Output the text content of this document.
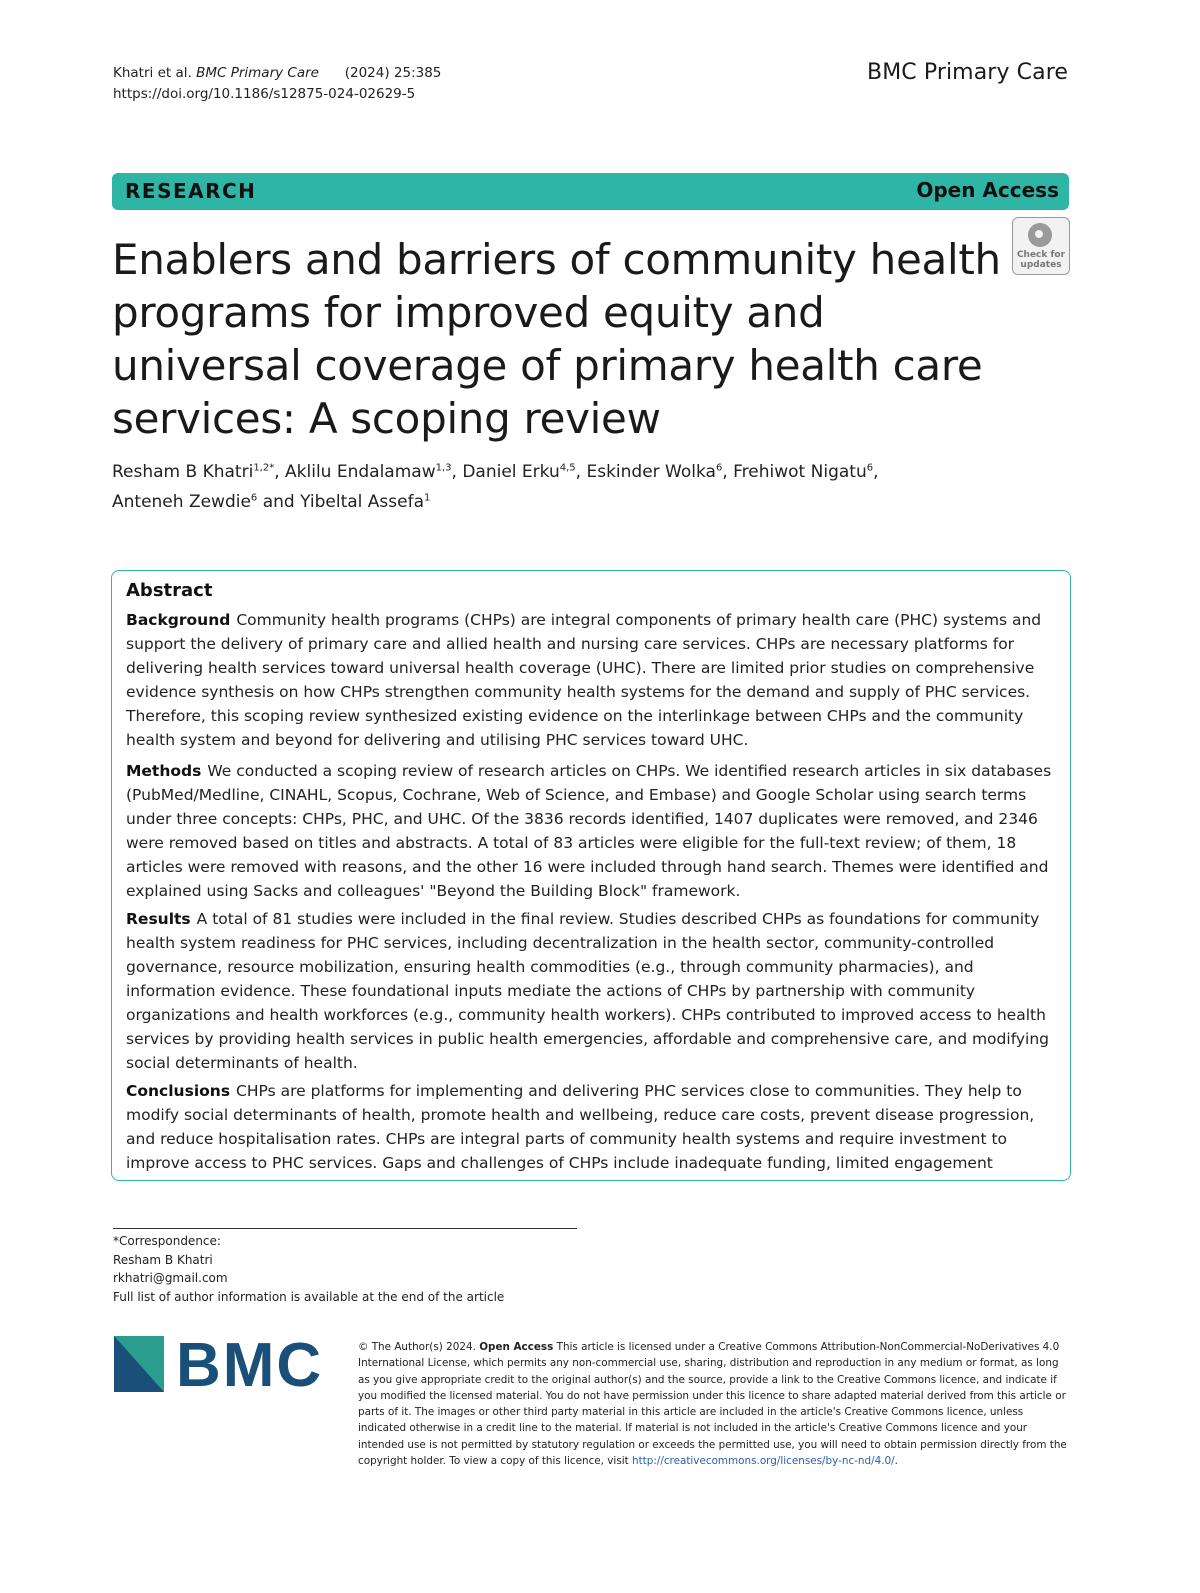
Khatri et al. BMC Primary Care (2024) 25:385
https://doi.org/10.1186/s12875-024-02629-5
BMC Primary Care
RESEARCH	Open Access
Check for updates
Enablers and barriers of community health programs for improved equity and universal coverage of primary health care services: A scoping review
Resham B Khatri$^{1,2*}$, Aklilu Endalamaw$^{1,3}$, Daniel Erku$^{4,5}$, Eskinder Wolka$^6$, Frehiwot Nigatu$^6$,
Anteneh Zewdie$^6$ and Yibeltal Assefa$^1$
Abstract
Background Community health programs (CHPs) are integral components of primary health care (PHC) systems and support the delivery of primary care and allied health and nursing care services. CHPs are necessary platforms for delivering health services toward universal health coverage (UHC). There are limited prior studies on comprehensive evidence synthesis on how CHPs strengthen community health systems for the demand and supply of PHC services. Therefore, this scoping review synthesized existing evidence on the interlinkage between CHPs and the community health system and beyond for delivering and utilising PHC services toward UHC.
Methods We conducted a scoping review of research articles on CHPs. We identified research articles in six databases (PubMed/Medline, CINAHL, Scopus, Cochrane, Web of Science, and Embase) and Google Scholar using search terms under three concepts: CHPs, PHC, and UHC. Of the 3836 records identified, 1407 duplicates were removed, and 2346 were removed based on titles and abstracts. A total of 83 articles were eligible for the full-text review; of them, 18 articles were removed with reasons, and the other 16 were included through hand search. Themes were identified and explained using Sacks and colleagues' "Beyond the Building Block" framework.
Results A total of 81 studies were included in the final review. Studies described CHPs as foundations for community health system readiness for PHC services, including decentralization in the health sector, community-controlled governance, resource mobilization, ensuring health commodities (e.g., through community pharmacies), and information evidence. These foundational inputs mediate the actions of CHPs by partnership with community organizations and health workforces (e.g., community health workers). CHPs contributed to improved access to health services by providing health services in public health emergencies, affordable and comprehensive care, and modifying social determinants of health.
Conclusions CHPs are platforms for implementing and delivering PHC services close to communities. They help to modify social determinants of health, promote health and wellbeing, reduce care costs, prevent disease progression, and reduce hospitalisation rates. CHPs are integral parts of community health systems and require investment to improve access to PHC services. Gaps and challenges of CHPs include inadequate funding, limited engagement
*Correspondence:
Resham B Khatri
rkhatri@gmail.com
Full list of author information is available at the end of the article
BMC	© The Author(s) 2024. Open Access This article is licensed under a Creative Commons Attribution-NonCommercial-NoDerivatives 4.0 International License, which permits any non-commercial use, sharing, distribution and reproduction in any medium or format, as long as you give appropriate credit to the original author(s) and the source, provide a link to the Creative Commons licence, and indicate if you modified the licensed material. You do not have permission under this licence to share adapted material derived from this article or parts of it. The images or other third party material in this article are included in the article's Creative Commons licence, unless indicated otherwise in a credit line to the material. If material is not included in the article's Creative Commons licence and your intended use is not permitted by statutory regulation or exceeds the permitted use, you will need to obtain permission directly from the copyright holder. To view a copy of this licence, visit http://creativecommons.org/licenses/by-nc-nd/4.0/.
